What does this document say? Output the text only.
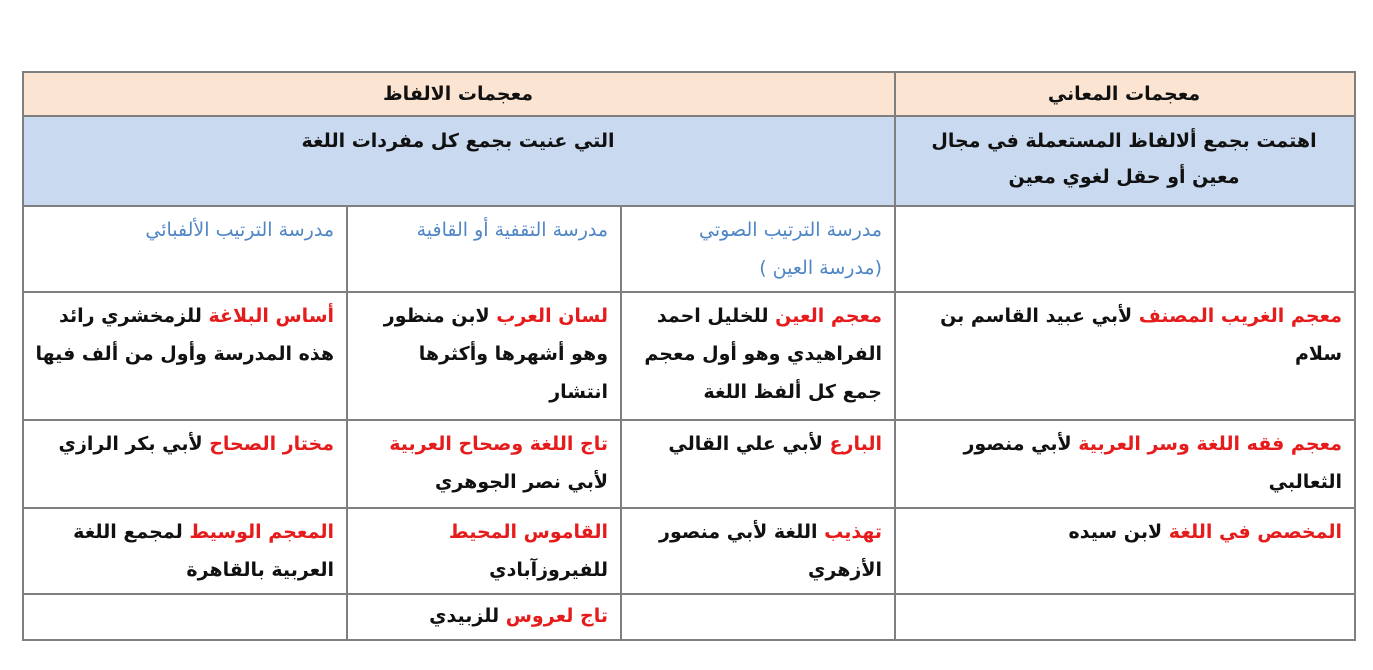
معجمات المعاني	معجمات الالفاظ		
اهتمت بجمع ألالفاظ المستعملة في مجال معين أو حقل لغوي معين	التي عنيت بجمع كل مفردات اللغة		
	مدرسة الترتيب الصوتي (مدرسة العين )	مدرسة التقفية أو القافية	مدرسة الترتيب الألفبائي
معجم الغريب المصنف لأبي عبيد القاسم بن سلام	معجم العين للخليل احمد الفراهيدي وهو أول معجم جمع كل ألفظ اللغة	لسان العرب لابن منظور وهو أشهرها وأكثرها انتشار	أساس البلاغة للزمخشري رائد هذه المدرسة وأول من ألف فيها
معجم فقه اللغة وسر العربية لأبي منصور الثعالبي	البارع لأبي علي القالي	تاج اللغة وصحاح العربية لأبي نصر الجوهري	مختار الصحاح لأبي بكر الرازي
المخصص في اللغة لابن سيده	تهذيب اللغة لأبي منصور الأزهري	القاموس المحيط للفيروزآبادي	المعجم الوسيط لمجمع اللغة العربية بالقاهرة
		تاج لعروس للزبيدي	
